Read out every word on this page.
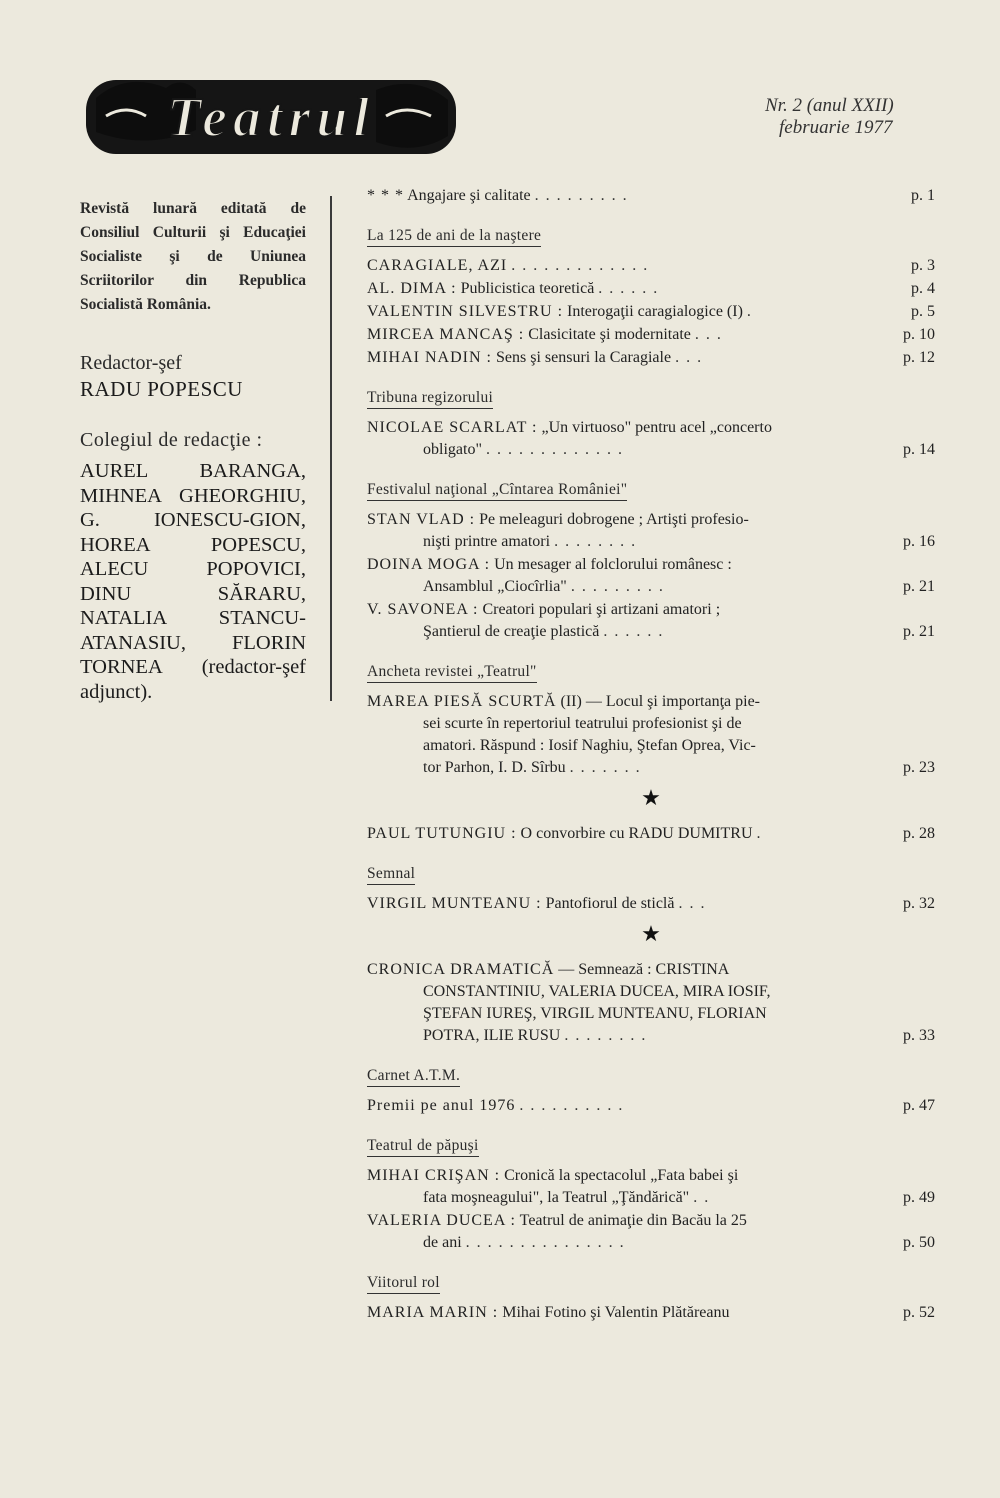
Teatrul	Nr. 2 (anul XXII)
februarie 1977
Revistă lunară editată de Consiliul Culturii şi Educaţiei Socialiste şi de Uniunea Scriitorilor din Republica Socialistă România.
Redactor-şef
RADU POPESCU
Colegiul de redacţie :
AUREL BARANGA, MIHNEA GHEORGHIU, G. IONESCU-GION, HOREA POPESCU, ALECU POPOVICI, DINU SĂRARU, NATALIA STANCU-ATANASIU, FLORIN TORNEA (redactor-şef adjunct).
* * * Angajare şi calitate .........	p. 1
La 125 de ani de la naştere
CARAGIALE, AZI .............	p. 3
AL. DIMA : Publicistica teoretică ......	p. 4
VALENTIN SILVESTRU : Interogaţii caragialogice (I) .	p. 5
MIRCEA MANCAŞ : Clasicitate şi modernitate ...	p. 10
MIHAI NADIN : Sens şi sensuri la Caragiale ...	p. 12
Tribuna regizorului
NICOLAE SCARLAT : „Un virtuoso" pentru acel „concerto
obligato" .............	p. 14
Festivalul naţional „Cîntarea României"
STAN VLAD : Pe meleaguri dobrogene ; Artişti profesio-
nişti printre amatori ........	p. 16
DOINA MOGA : Un mesager al folclorului românesc :
Ansamblul „Ciocîrlia" .........	p. 21
V. SAVONEA : Creatori populari şi artizani amatori ;
Şantierul de creaţie plastică ......	p. 21
Ancheta revistei „Teatrul"
MAREA PIESĂ SCURTĂ (II) — Locul şi importanţa pie-
sei scurte în repertoriul teatrului profesionist şi de
amatori. Răspund : Iosif Naghiu, Ştefan Oprea, Vic-
tor Parhon, I. D. Sîrbu .......	p. 23
★
PAUL TUTUNGIU : O convorbire cu RADU DUMITRU .	p. 28
Semnal
VIRGIL MUNTEANU : Pantofiorul de sticlă ...	p. 32
★
CRONICA DRAMATICĂ — Semnează : CRISTINA
CONSTANTINIU, VALERIA DUCEA, MIRA IOSIF,
ŞTEFAN IUREŞ, VIRGIL MUNTEANU, FLORIAN
POTRA, ILIE RUSU ........	p. 33
Carnet A.T.M.
Premii pe anul 1976 ..........	p. 47
Teatrul de păpuşi
MIHAI CRIŞAN : Cronică la spectacolul „Fata babei şi
fata moşneagului", la Teatrul „Ţăndărică" ..	p. 49
VALERIA DUCEA : Teatrul de animaţie din Bacău la 25
de ani ...............	p. 50
Viitorul rol
MARIA MARIN : Mihai Fotino şi Valentin Plătăreanu	p. 52
